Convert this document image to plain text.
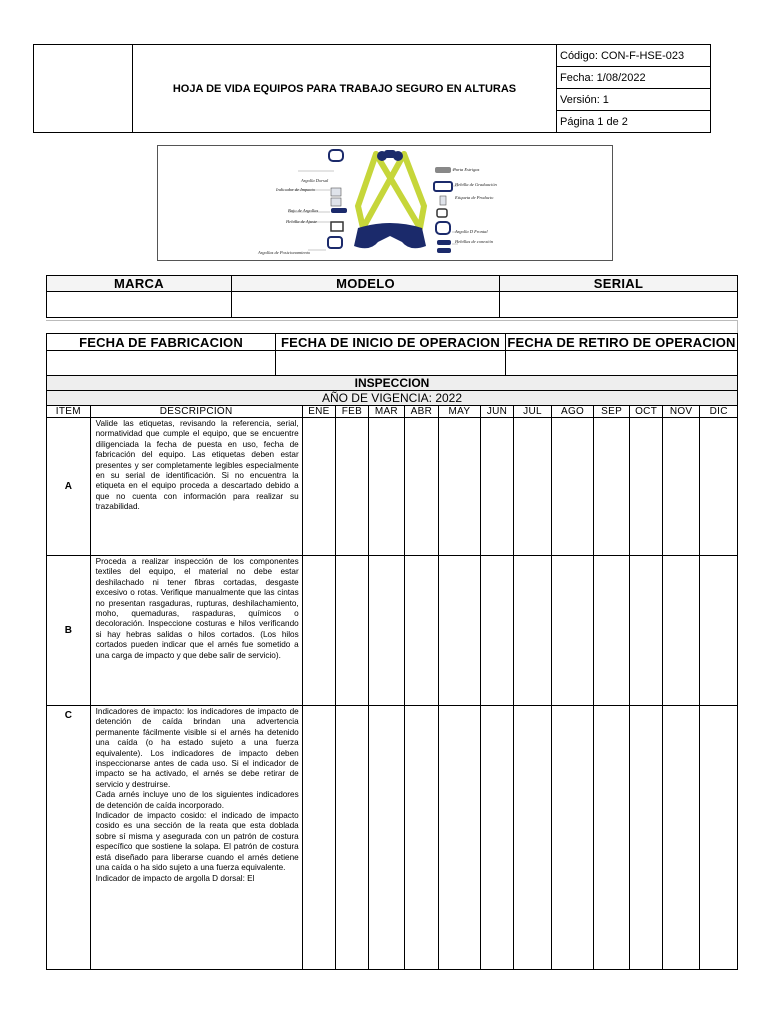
	HOJA DE VIDA EQUIPOS PARA TRABAJO SEGURO EN ALTURAS	Código: CON-F-HSE-023
Fecha: 1/08/2022
Versión: 1
Página 1 de 2
Argolla Dorsal
Indicador de Impacto
Bajo de Argollas
Hebilla de Ajuste
Argollas de Posicionamiento
Porta Estrigas
Hebilla de Graduación
Etiqueta de Producto
Argolla D Frontal
Hebillas de conexión
MARCA	MODELO	SERIAL

FECHA DE FABRICACION	FECHA DE INICIO DE OPERACION	FECHA DE RETIRO DE OPERACION

INSPECCION													
AÑO DE VIGENCIA: 2022													
ITEM	DESCRIPCIÓN	ENE	FEB	MAR	ABR	MAY	JUN	JUL	AGO	SEP	OCT	NOV	DIC
A	Valide las etiquetas, revisando la referencia, serial, normatividad que cumple el equipo, que se encuentre diligenciada la fecha de puesta en uso, fecha de fabricación del equipo. Las etiquetas deben estar presentes y ser completamente legibles especialmente en su serial de identificación. Si no encuentra la etiqueta en el equipo proceda a descartado debido a que no cuenta con información para realizar su trazabilidad.												

B	Proceda a realizar inspección de los componentes textiles del equipo, el material no debe estar deshilachado ni tener fibras cortadas, desgaste excesivo o rotas. Verifique manualmente que las cintas no presentan rasgaduras, rupturas, deshilachamiento, moho, quemaduras, raspaduras, químicos o decoloración. Inspeccione costuras e hilos verificando si hay hebras salidas o hilos cortados. (Los hilos cortados pueden indicar que el arnés fue sometido a una carga de impacto y que debe salir de servicio).												

C	Indicadores de impacto: los indicadores de impacto de detención de caída brindan una advertencia permanente fácilmente visible si el arnés ha detenido una caída (o ha estado sujeto a una fuerza equivalente). Los indicadores de impacto deben inspeccionarse antes de cada uso. Si el indicador de impacto se ha activado, el arnés se debe retirar de servicio y destruirse.
Cada arnés incluye uno de los siguientes indicadores de detención de caída incorporado.
Indicador de impacto cosido: el indicado de impacto cosido es una sección de la reata que esta doblada sobre sí misma y asegurada con un patrón de costura específico que sostiene la solapa. El patrón de costura está diseñado para liberarse cuando el arnés detiene una caída o ha sido sujeto a una fuerza equivalente.
Indicador de impacto de argolla D dorsal: El												
